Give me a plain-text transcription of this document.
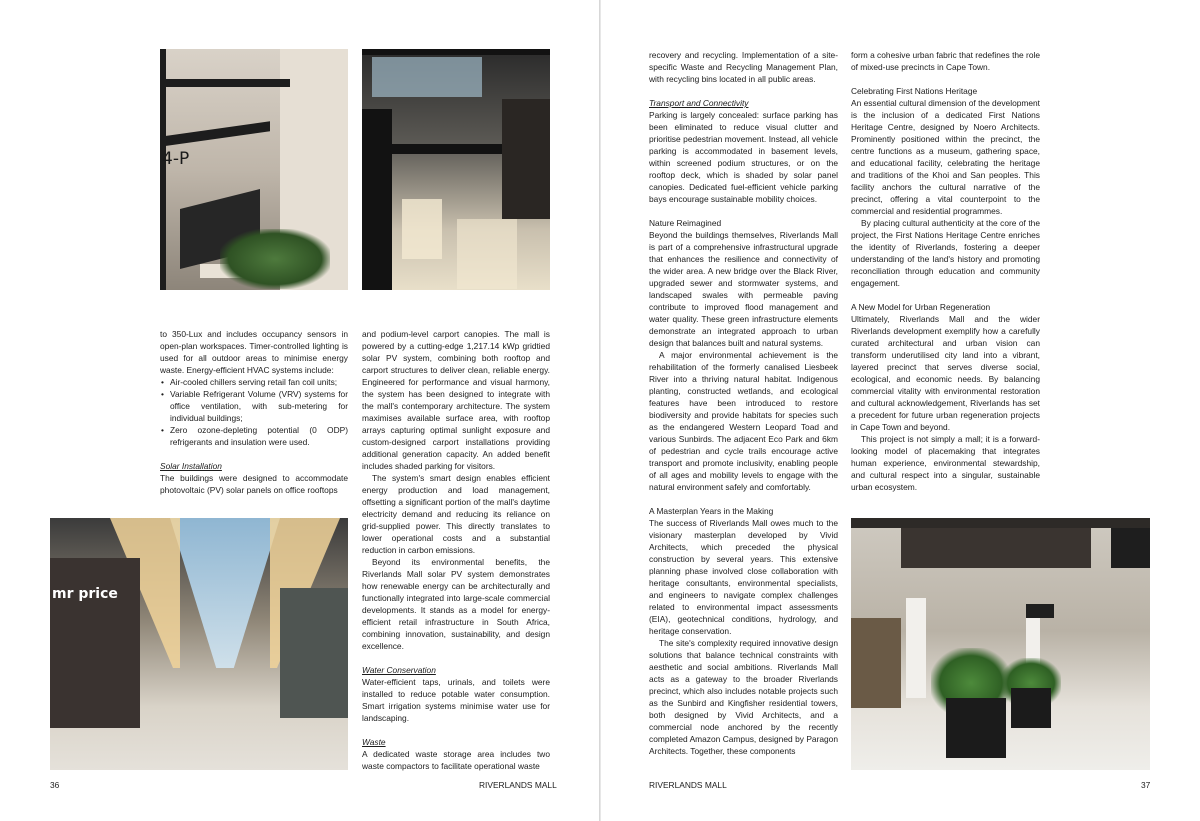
4-P

to 350-Lux and includes occupancy sensors in open-plan workspaces. Timer-controlled lighting is used for all outdoor areas to minimise energy waste. Energy-efficient HVAC systems include:

• Air-cooled chillers serving retail fan coil units;
• Variable Refrigerant Volume (VRV) systems for office ventilation, with sub-metering for individual buildings;
• Zero ozone-depleting potential (0 ODP) refrigerants and insulation were used.
Solar Installation

The buildings were designed to accommodate photovoltaic (PV) solar panels on office rooftops

and podium-level carport canopies. The mall is powered by a cutting-edge 1,217.14 kWp gridtied solar PV system, combining both rooftop and carport structures to deliver clean, reliable energy. Engineered for performance and visual harmony, the system has been designed to integrate with the mall's contemporary architecture. The system maximises available surface area, with rooftop arrays capturing optimal sunlight exposure and custom-designed carport installations providing additional generation capacity. An added benefit includes shaded parking for visitors.

The system's smart design enables efficient energy production and load management, offsetting a significant portion of the mall's daytime electricity demand and reducing its reliance on grid-supplied power. This directly translates to lower operational costs and a substantial reduction in carbon emissions.

Beyond its environmental benefits, the Riverlands Mall solar PV system demonstrates how renewable energy can be architecturally and functionally integrated into large-scale commercial developments. It stands as a model for energy-efficient retail infrastructure in South Africa, combining innovation, sustainability, and design excellence.

Water Conservation

Water-efficient taps, urinals, and toilets were installed to reduce potable water consumption. Smart irrigation systems minimise water use for landscaping.

Waste

A dedicated waste storage area includes two waste compactors to facilitate operational waste

mr price
36	RIVERLANDS MALL

recovery and recycling. Implementation of a site-specific Waste and Recycling Management Plan, with recycling bins located in all public areas.

Transport and Connectivity

Parking is largely concealed: surface parking has been eliminated to reduce visual clutter and prioritise pedestrian movement. Instead, all vehicle parking is accommodated in basement levels, within screened podium structures, or on the rooftop deck, which is shaded by solar panel canopies. Dedicated fuel-efficient vehicle parking bays encourage sustainable mobility choices.

Nature Reimagined

Beyond the buildings themselves, Riverlands Mall is part of a comprehensive infrastructural upgrade that enhances the resilience and connectivity of the wider area. A new bridge over the Black River, upgraded sewer and stormwater systems, and landscaped swales with permeable paving contribute to improved flood management and water quality. These green infrastructure elements demonstrate an integrated approach to urban design that balances built and natural systems.

A major environmental achievement is the rehabilitation of the formerly canalised Liesbeek River into a thriving natural habitat. Indigenous planting, constructed wetlands, and ecological features have been introduced to restore biodiversity and provide habitats for species such as the endangered Western Leopard Toad and various Sunbirds. The adjacent Eco Park and 6km of pedestrian and cycle trails encourage active transport and promote inclusivity, enabling people of all ages and mobility levels to engage with the natural environment safely and comfortably.

A Masterplan Years in the Making

The success of Riverlands Mall owes much to the visionary masterplan developed by Vivid Architects, which preceded the physical construction by several years. This extensive planning phase involved close collaboration with heritage consultants, environmental specialists, and engineers to navigate complex challenges related to environmental impact assessments (EIA), geotechnical conditions, hydrology, and heritage conservation.

The site's complexity required innovative design solutions that balance technical constraints with aesthetic and social ambitions. Riverlands Mall acts as a gateway to the broader Riverlands precinct, which also includes notable projects such as the Sunbird and Kingfisher residential towers, both designed by Vivid Architects, and a commercial node anchored by the recently completed Amazon Campus, designed by Paragon Architects. Together, these components

form a cohesive urban fabric that redefines the role of mixed-use precincts in Cape Town.

Celebrating First Nations Heritage

An essential cultural dimension of the development is the inclusion of a dedicated First Nations Heritage Centre, designed by Noero Architects. Prominently positioned within the precinct, the centre functions as a museum, gathering space, and educational facility, celebrating the heritage and traditions of the Khoi and San peoples. This facility anchors the cultural narrative of the precinct, offering a vital counterpoint to the commercial and residential programmes.

By placing cultural authenticity at the core of the project, the First Nations Heritage Centre enriches the identity of Riverlands, fostering a deeper understanding of the land's history and promoting reconciliation through education and community engagement.

A New Model for Urban Regeneration

Ultimately, Riverlands Mall and the wider Riverlands development exemplify how a carefully curated architectural and urban vision can transform underutilised city land into a vibrant, layered precinct that serves diverse social, ecological, and economic needs. By balancing commercial vitality with environmental restoration and cultural acknowledgement, Riverlands has set a precedent for future urban regeneration projects in Cape Town and beyond.

This project is not simply a mall; it is a forward-looking model of placemaking that integrates human experience, environmental stewardship, and cultural respect into a singular, sustainable urban ecosystem.

RIVERLANDS MALL	37
